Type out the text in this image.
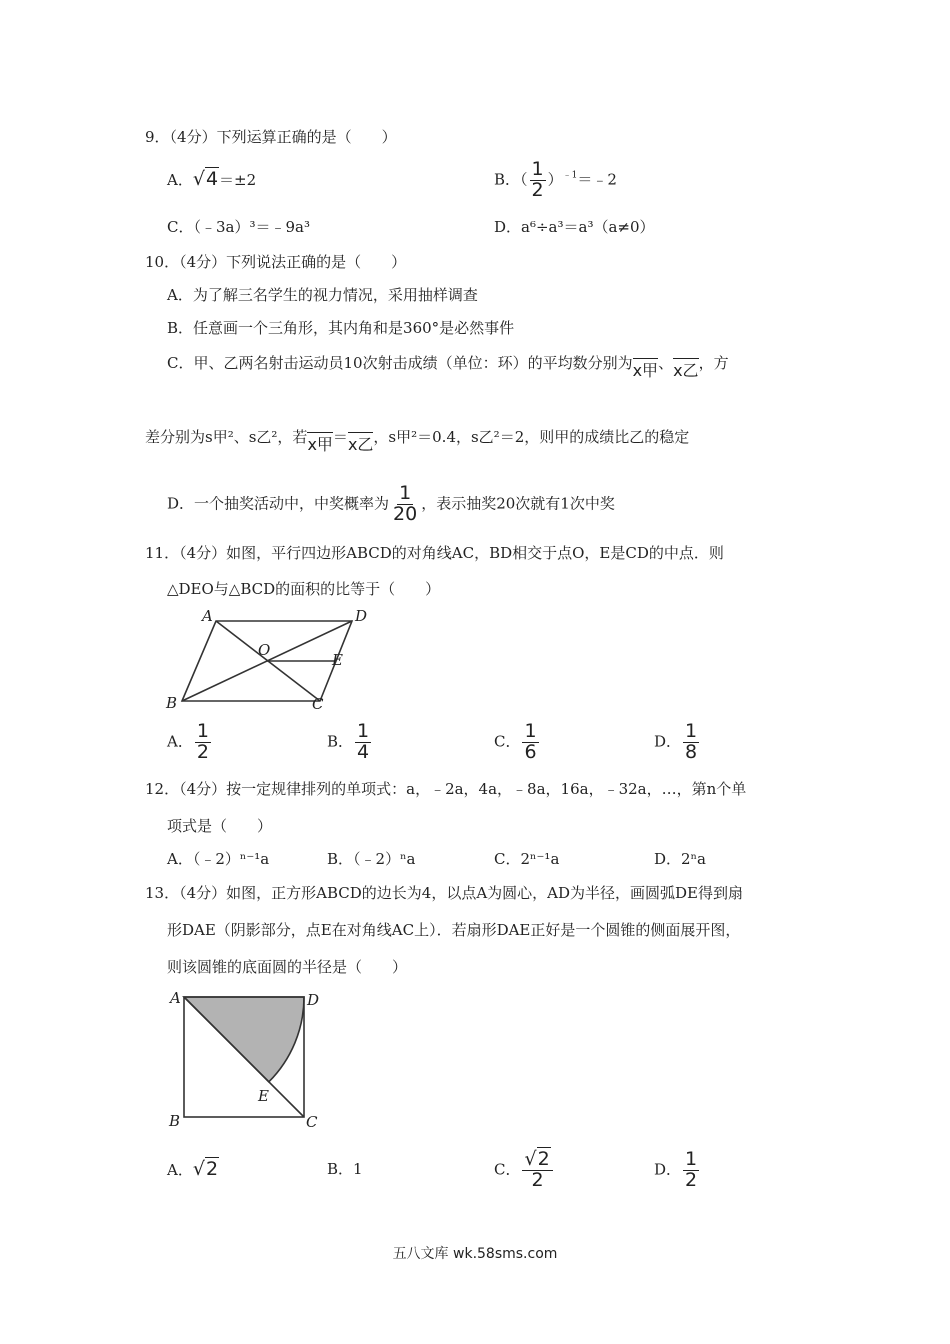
9．（4分）下列运算正确的是（　　）
A．√4＝±2	B．（ $\frac{1}{2}$ ）$^{﹣1}$＝﹣2
C．（﹣3a）³＝﹣9a³	D．a⁶÷a³＝a³（a≠0）
10．（4分）下列说法正确的是（　　）
A．为了解三名学生的视力情况，采用抽样调查
B．任意画一个三角形，其内角和是360°是必然事件
C．甲、乙两名射击运动员10次射击成绩（单位：环）的平均数分别为x甲、x乙，方
差分别为s甲²、s乙²，若x甲＝x乙，s甲²＝0.4，s乙²＝2，则甲的成绩比乙的稳定
D．一个抽奖活动中，中奖概率为 $\frac{1}{20}$ ，表示抽奖20次就有1次中奖
11．（4分）如图，平行四边形ABCD的对角线AC，BD相交于点O，E是CD的中点．则
△DEO与△BCD的面积的比等于（　　）
A	D
O
E
B	C
A． $\frac{1}{2}$	B． $\frac{1}{4}$	C． $\frac{1}{6}$	D． $\frac{1}{8}$
12．（4分）按一定规律排列的单项式：a，﹣2a，4a，﹣8a，16a，﹣32a，…，第n个单
项式是（　　）
A．（﹣2）ⁿ⁻¹a	B．（﹣2）ⁿa	C．2ⁿ⁻¹a	D．2ⁿa
13．（4分）如图，正方形ABCD的边长为4，以点A为圆心，AD为半径，画圆弧DE得到扇
形DAE（阴影部分，点E在对角线AC上）．若扇形DAE正好是一个圆锥的侧面展开图，
则该圆锥的底面圆的半径是（　　）
A	D
E
B	C
A．√2	B．1	C． $\frac{√2}{2}$	D． $\frac{1}{2}$
五八文库 wk.58sms.com
